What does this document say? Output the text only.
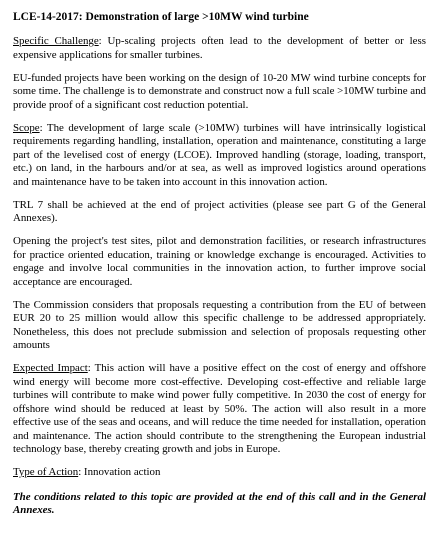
LCE-14-2017: Demonstration of large >10MW wind turbine

Specific Challenge: Up-scaling projects often lead to the development of better or less expensive applications for smaller turbines.

EU-funded projects have been working on the design of 10-20 MW wind turbine concepts for some time. The challenge is to demonstrate and construct now a full scale >10MW turbine and provide proof of a significant cost reduction potential.

Scope: The development of large scale (>10MW) turbines will have intrinsically logistical requirements regarding handling, installation, operation and maintenance, constituting a large part of the levelised cost of energy (LCOE). Improved handling (storage, loading, transport, etc.) on land, in the harbours and/or at sea, as well as improved logistics around operations and maintenance have to be taken into account in this innovation action.

TRL 7 shall be achieved at the end of project activities (please see part G of the General Annexes).

Opening the project's test sites, pilot and demonstration facilities, or research infrastructures for practice oriented education, training or knowledge exchange is encouraged. Activities to engage and involve local communities in the innovation action, to further improve social acceptance are encouraged.

The Commission considers that proposals requesting a contribution from the EU of between EUR 20 to 25 million would allow this specific challenge to be addressed appropriately. Nonetheless, this does not preclude submission and selection of proposals requesting other amounts

Expected Impact: This action will have a positive effect on the cost of energy and offshore wind energy will become more cost-effective. Developing cost-effective and reliable large turbines will contribute to make wind power fully competitive. In 2030 the cost of energy for offshore wind should be reduced at least by 50%. The action will also result in a more effective use of the seas and oceans, and will reduce the time needed for installation, operation and maintenance. The action should contribute to the strengthening the European industrial technology base, thereby creating growth and jobs in Europe.

Type of Action: Innovation action

The conditions related to this topic are provided at the end of this call and in the General Annexes.
